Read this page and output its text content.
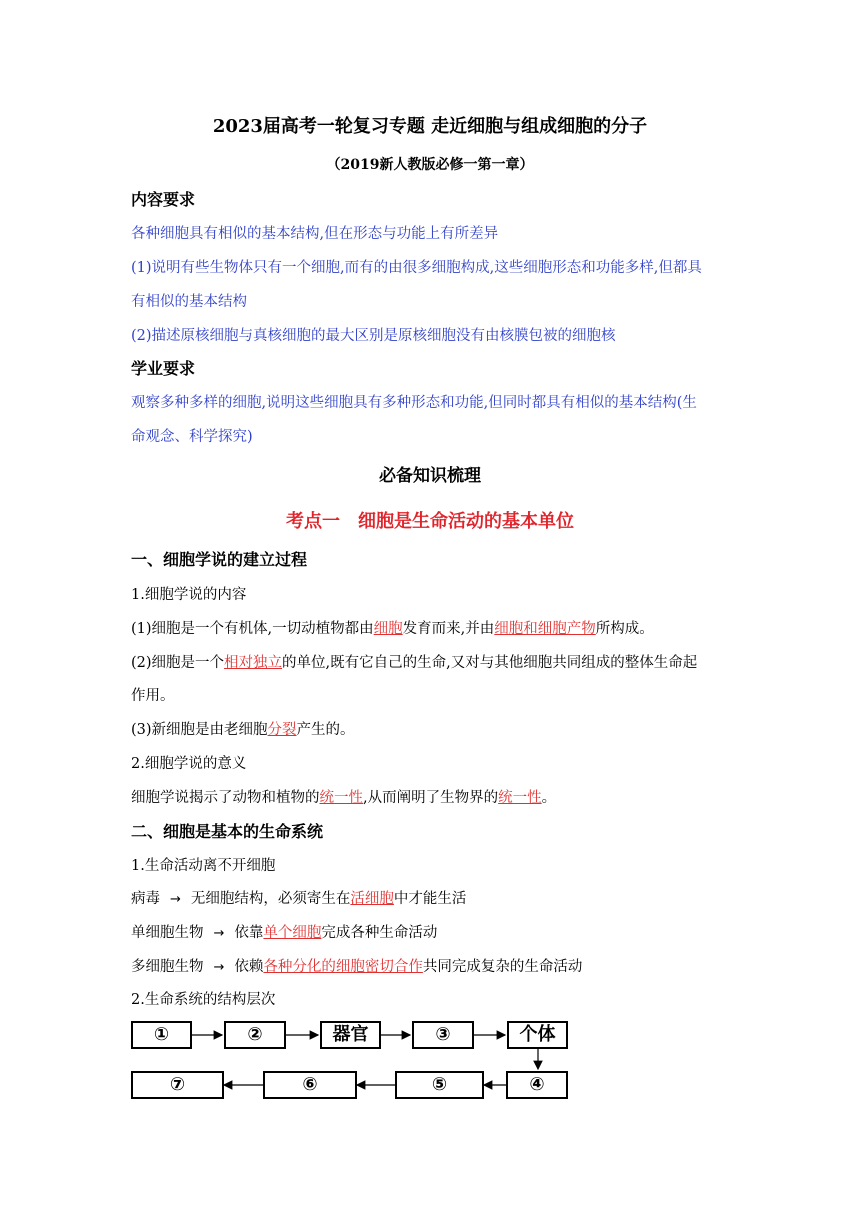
2023届高考一轮复习专题 走近细胞与组成细胞的分子
（2019新人教版必修一第一章）
内容要求
各种细胞具有相似的基本结构,但在形态与功能上有所差异
(1)说明有些生物体只有一个细胞,而有的由很多细胞构成,这些细胞形态和功能多样,但都具
有相似的基本结构
(2)描述原核细胞与真核细胞的最大区别是原核细胞没有由核膜包被的细胞核
学业要求
观察多种多样的细胞,说明这些细胞具有多种形态和功能,但同时都具有相似的基本结构(生
命观念、科学探究)
必备知识梳理
考点一　细胞是生命活动的基本单位
一、细胞学说的建立过程
1.细胞学说的内容
(1)细胞是一个有机体,一切动植物都由细胞发育而来,并由细胞和细胞产物所构成。
(2)细胞是一个相对独立的单位,既有它自己的生命,又对与其他细胞共同组成的整体生命起
作用。
(3)新细胞是由老细胞分裂产生的。
2.细胞学说的意义
细胞学说揭示了动物和植物的统一性,从而阐明了生物界的统一性。
二、细胞是基本的生命系统
1.生命活动离不开细胞
病毒 → 无细胞结构，必须寄生在活细胞中才能生活
单细胞生物 → 依靠单个细胞完成各种生命活动
多细胞生物 → 依赖各种分化的细胞密切合作共同完成复杂的生命活动
2.生命系统的结构层次
①	②	器官	③	个体
⑦	⑥	⑤	④
